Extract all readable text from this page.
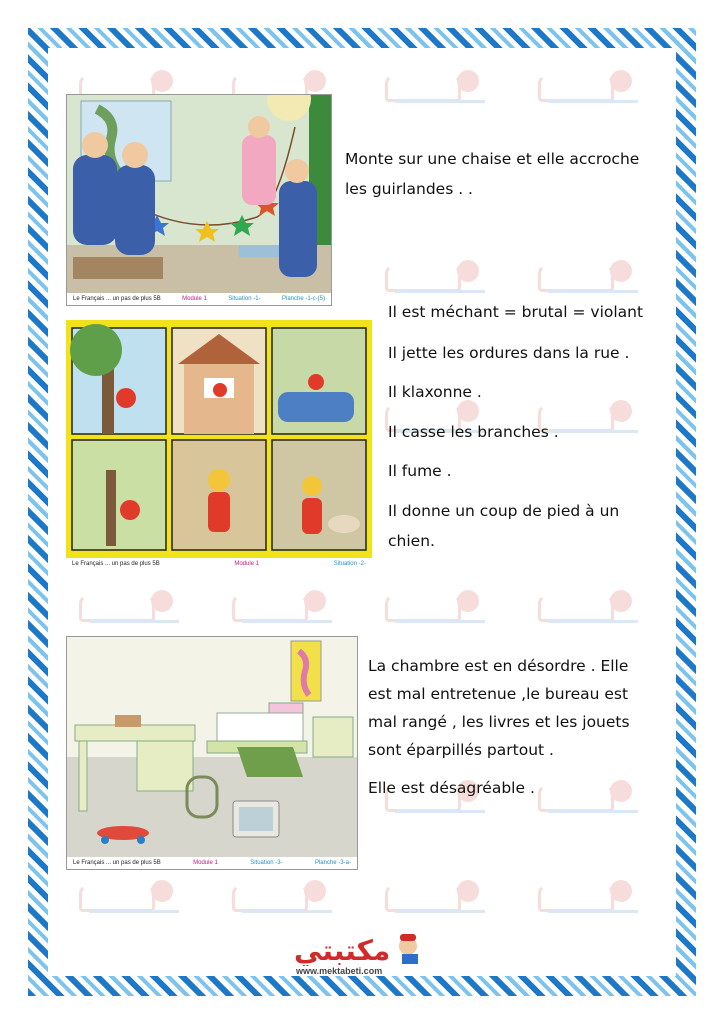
Le Français ... un pas de plus 5B	Module 1	Situation -1-	Planche -1-c-(5)

Monte sur une chaise et elle accroche

les guirlandes . .

Le Français ... un pas de plus 5B	Module 1	Situation -2-

Il est méchant = brutal = violant

Il jette les ordures dans la rue .

Il klaxonne .

Il casse les branches .

Il fume .

Il donne un coup de pied à un

chien.

Le Français ... un pas de plus 5B	Module 1	Situation -3-	Planche -3-a-

La chambre est en désordre . Elle

est mal entretenue ,le bureau est

mal rangé , les livres et les jouets

sont éparpillés partout .

Elle est désagréable .

مكتبتي
www.mektabeti.com
